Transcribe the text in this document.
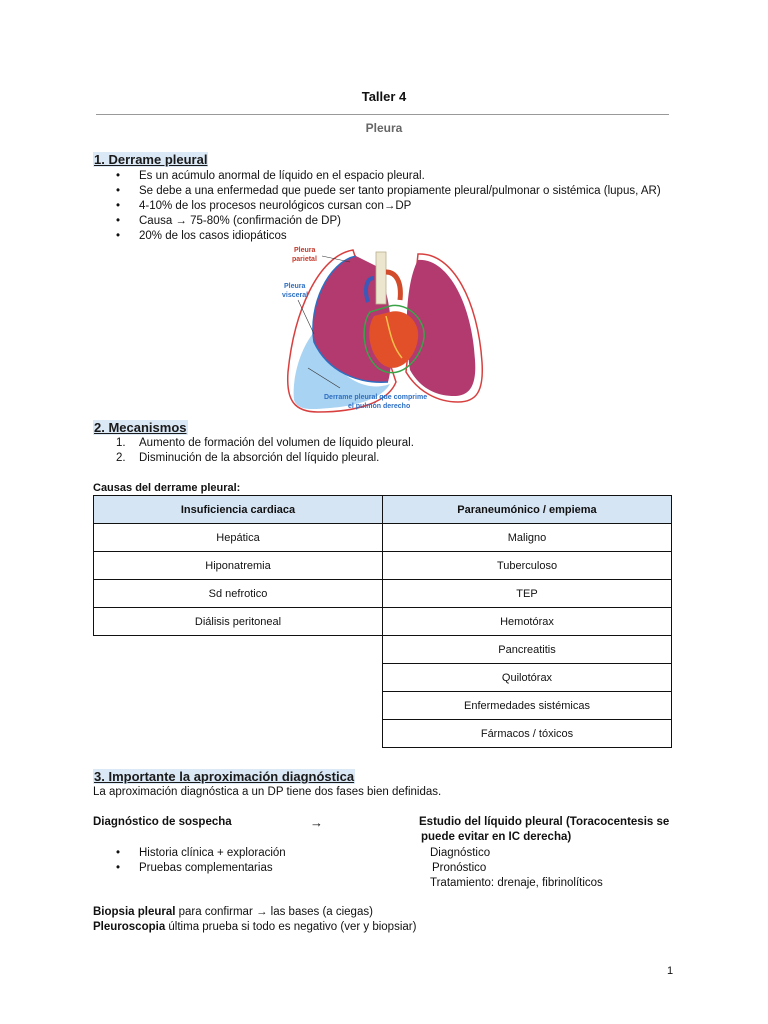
Taller 4
Pleura
1. Derrame pleural
• Es un acúmulo anormal de líquido en el espacio pleural.
• Se debe a una enfermedad que puede ser tanto propiamente pleural/pulmonar o sistémica (lupus, AR)
• 4-10% de los procesos neurológicos cursan con→DP
• Causa → 75-80% (confirmación de DP)
• 20% de los casos idiopáticos
Pleura
parietal
Pleura
visceral
Derrame pleural que comprime
el pulmón derecho
2. Mecanismos
1. Aumento de formación del volumen de líquido pleural.
2. Disminución de la absorción del líquido pleural.
Causas del derrame pleural:
Insuficiencia cardiaca	Paraneumónico / empiema
Hepática	Maligno
Hiponatremia	Tuberculoso
Sd nefrotico	TEP
Diálisis peritoneal	Hemotórax
	Pancreatitis
	Quilotórax
	Enfermedades sistémicas
	Fármacos / tóxicos
3. Importante la aproximación diagnóstica
La aproximación diagnóstica a un DP tiene dos fases bien definidas.
Diagnóstico de sospecha	→
• Historia clínica + exploración
• Pruebas complementarias
Estudio del líquido pleural (Toracocentesis se
puede evitar en IC derecha)
Diagnóstico
Pronóstico
Tratamiento: drenaje, fibrinolíticos
Biopsia pleural para confirmar → las bases (a ciegas)
Pleuroscopia última prueba si todo es negativo (ver y biopsiar)
1
